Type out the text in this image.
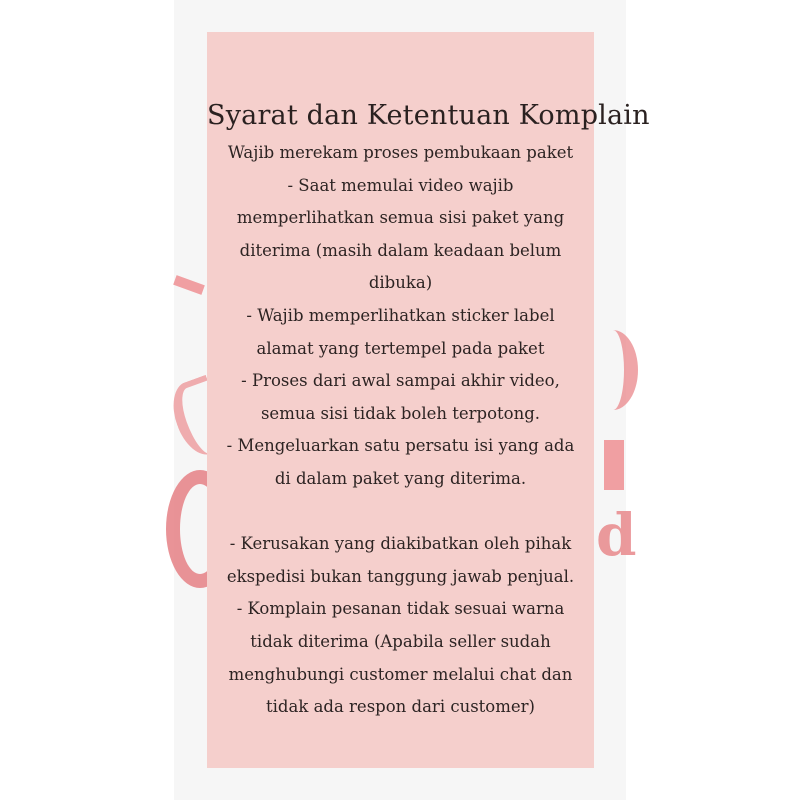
d
Syarat dan Ketentuan Komplain
Wajib merekam proses pembukaan paket
- Saat memulai video wajib
memperlihatkan semua sisi paket yang
diterima (masih dalam keadaan belum
dibuka)
- Wajib memperlihatkan sticker label
alamat yang tertempel pada paket
- Proses dari awal sampai akhir video,
semua sisi tidak boleh terpotong.
- Mengeluarkan satu persatu isi yang ada
di dalam paket yang diterima.
- Kerusakan yang diakibatkan oleh pihak
ekspedisi bukan tanggung jawab penjual.
- Komplain pesanan tidak sesuai warna
tidak diterima (Apabila seller sudah
menghubungi customer melalui chat dan
tidak ada respon dari customer)
